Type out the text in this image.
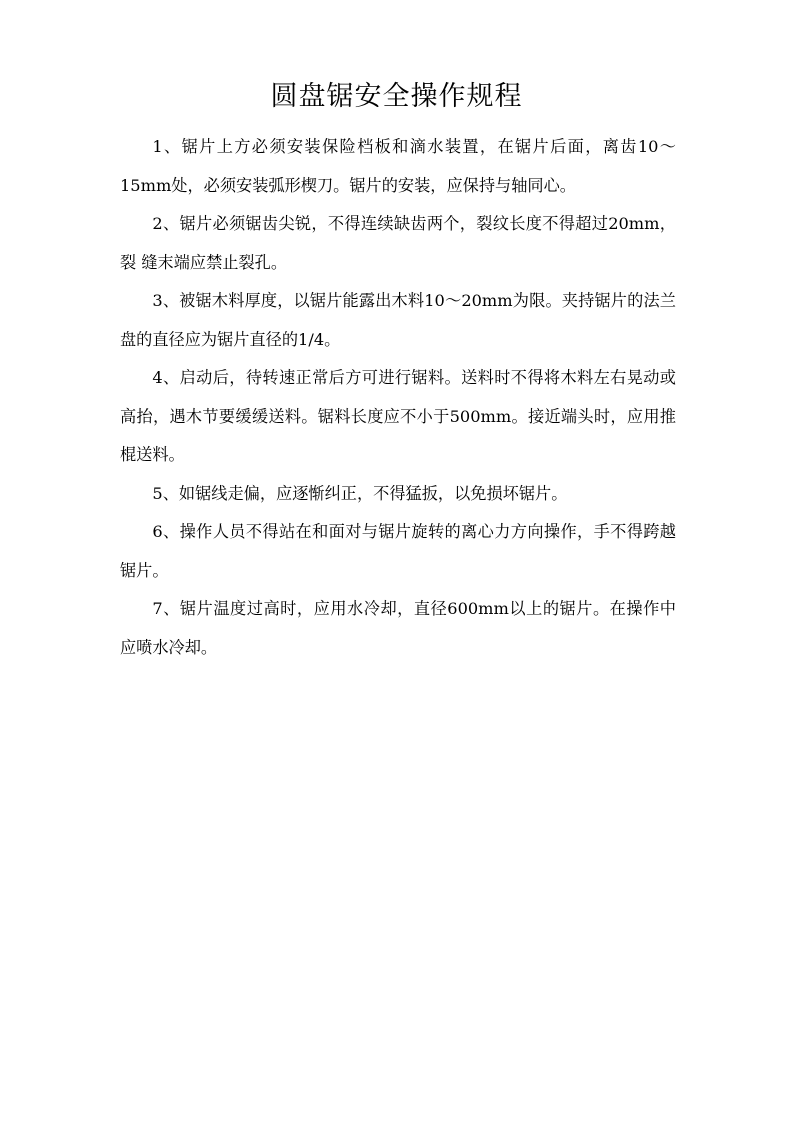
圆盘锯安全操作规程

1、锯片上方必须安装保险档板和滴水装置，在锯片后面，离齿10〜15mm处，必须安装弧形楔刀。锯片的安装，应保持与轴同心。

2、锯片必须锯齿尖锐，不得连续缺齿两个，裂纹长度不得超过20mm，裂 缝末端应禁止裂孔。

3、被锯木料厚度，以锯片能露出木料10〜20mm为限。夹持锯片的法兰盘的直径应为锯片直径的1/4。

4、启动后，待转速正常后方可进行锯料。送料时不得将木料左右晃动或高抬，遇木节要缓缓送料。锯料长度应不小于500mm。接近端头时，应用推棍送料。

5、如锯线走偏，应逐惭纠正，不得猛扳，以免损坏锯片。

6、操作人员不得站在和面对与锯片旋转的离心力方向操作，手不得跨越锯片。

7、锯片温度过高时，应用水冷却，直径600mm以上的锯片。在操作中应喷水冷却。
